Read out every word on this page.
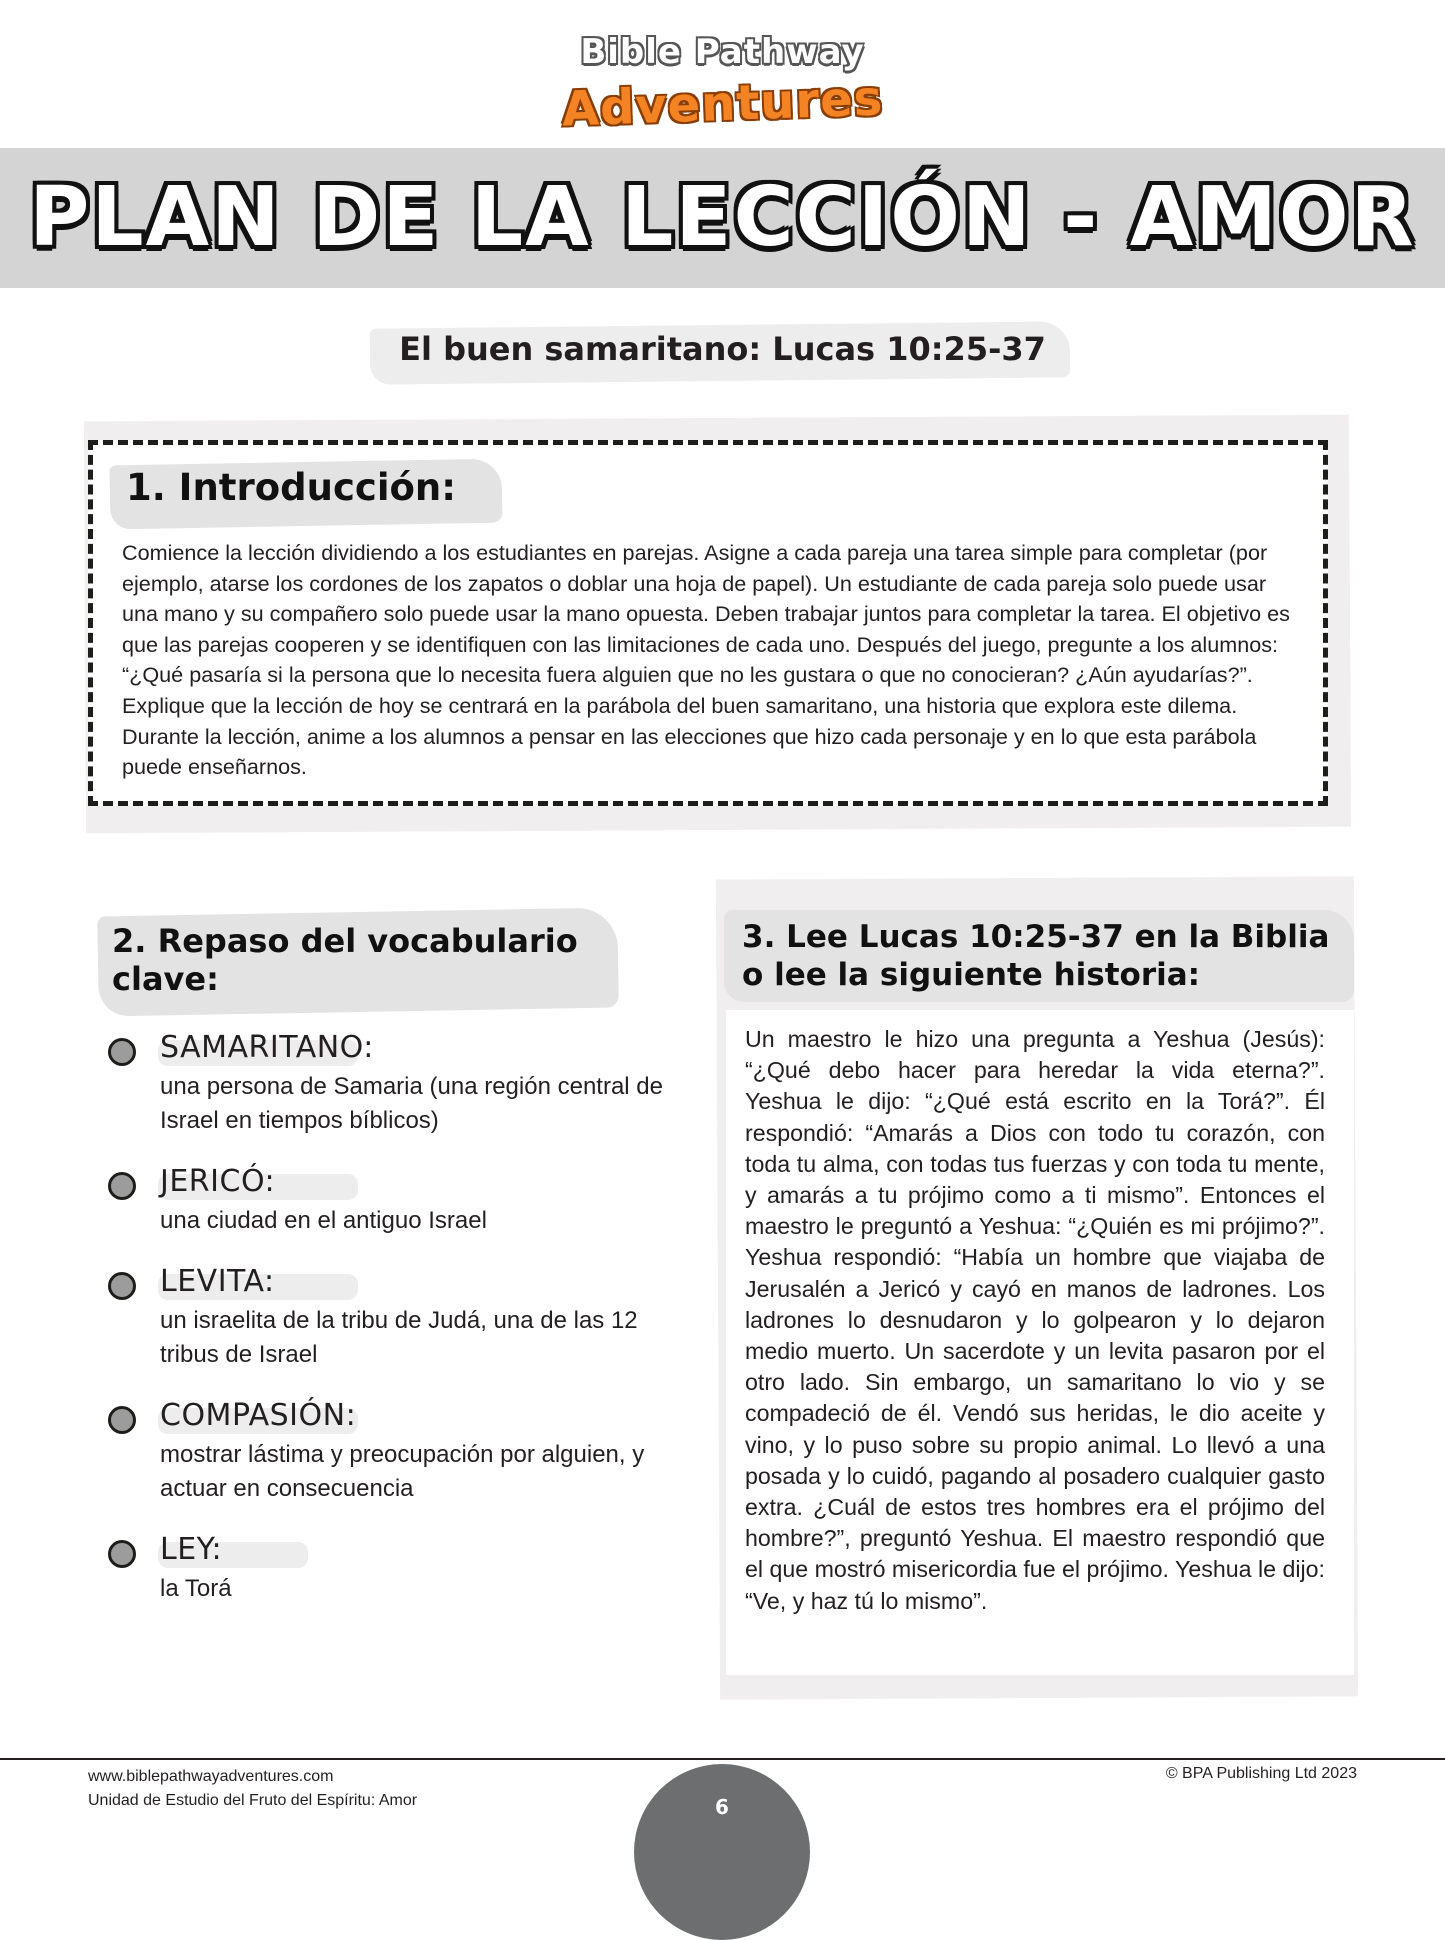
Bible Pathway
Adventures
PLAN DE LA LECCIÓN - AMOR
El buen samaritano: Lucas 10:25-37
1. Introducción:
Comience la lección dividiendo a los estudiantes en parejas. Asigne a cada pareja una tarea simple para completar (por ejemplo, atarse los cordones de los zapatos o doblar una hoja de papel). Un estudiante de cada pareja solo puede usar una mano y su compañero solo puede usar la mano opuesta. Deben trabajar juntos para completar la tarea. El objetivo es que las parejas cooperen y se identifiquen con las limitaciones de cada uno. Después del juego, pregunte a los alumnos: “¿Qué pasaría si la persona que lo necesita fuera alguien que no les gustara o que no conocieran? ¿Aún ayudarías?”. Explique que la lección de hoy se centrará en la parábola del buen samaritano, una historia que explora este dilema. Durante la lección, anime a los alumnos a pensar en las elecciones que hizo cada personaje y en lo que esta parábola puede enseñarnos.
2. Repaso del vocabulario clave:
SAMARITANO:
una persona de Samaria (una región central de Israel en tiempos bíblicos)
JERICÓ:
una ciudad en el antiguo Israel
LEVITA:
un israelita de la tribu de Judá, una de las 12 tribus de Israel
COMPASIÓN:
mostrar lástima y preocupación por alguien, y actuar en consecuencia
LEY:
la Torá
3. Lee Lucas 10:25-37 en la Biblia o lee la siguiente historia:
Un maestro le hizo una pregunta a Yeshua (Jesús): “¿Qué debo hacer para heredar la vida eterna?”. Yeshua le dijo: “¿Qué está escrito en la Torá?”. Él respondió: “Amarás a Dios con todo tu corazón, con toda tu alma, con todas tus fuerzas y con toda tu mente, y amarás a tu prójimo como a ti mismo”. Entonces el maestro le preguntó a Yeshua: “¿Quién es mi prójimo?”. Yeshua respondió: “Había un hombre que viajaba de Jerusalén a Jericó y cayó en manos de ladrones. Los ladrones lo desnudaron y lo golpearon y lo dejaron medio muerto. Un sacerdote y un levita pasaron por el otro lado. Sin embargo, un samaritano lo vio y se compadeció de él. Vendó sus heridas, le dio aceite y vino, y lo puso sobre su propio animal. Lo llevó a una posada y lo cuidó, pagando al posadero cualquier gasto extra. ¿Cuál de estos tres hombres era el prójimo del hombre?”, preguntó Yeshua. El maestro respondió que el que mostró misericordia fue el prójimo. Yeshua le dijo: “Ve, y haz tú lo mismo”.
www.biblepathwayadventures.com
Unidad de Estudio del Fruto del Espíritu: Amor
© BPA Publishing Ltd 2023
6
